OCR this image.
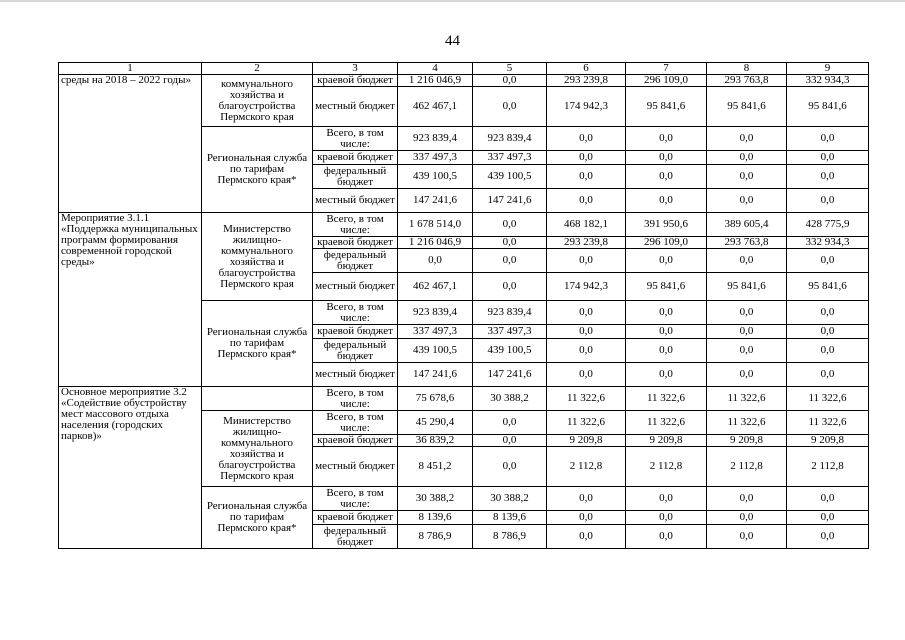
44
1	2	3	4	5	6	7	8	9
среды на 2018 – 2022 годы»	коммунального хозяйства и благоустройства Пермского края	краевой бюджет	1 216 046,9	0,0	293 239,8	296 109,0	293 763,8	332 934,3
		местный бюджет	462 467,1	0,0	174 942,3	95 841,6	95 841,6	95 841,6
	Региональная служба по тарифам Пермского края*	Всего, в том числе:	923 839,4	923 839,4	0,0	0,0	0,0	0,0
		краевой бюджет	337 497,3	337 497,3	0,0	0,0	0,0	0,0
		федеральный бюджет	439 100,5	439 100,5	0,0	0,0	0,0	0,0
		местный бюджет	147 241,6	147 241,6	0,0	0,0	0,0	0,0
Мероприятие 3.1.1 «Поддержка муниципальных программ формирования современной городской среды»	Министерство жилищно-коммунального хозяйства и благоустройства Пермского края	Всего, в том числе:	1 678 514,0	0,0	468 182,1	391 950,6	389 605,4	428 775,9
		краевой бюджет	1 216 046,9	0,0	293 239,8	296 109,0	293 763,8	332 934,3
		федеральный бюджет	0,0	0,0	0,0	0,0	0,0	0,0
		местный бюджет	462 467,1	0,0	174 942,3	95 841,6	95 841,6	95 841,6
	Региональная служба по тарифам Пермского края*	Всего, в том числе:	923 839,4	923 839,4	0,0	0,0	0,0	0,0
		краевой бюджет	337 497,3	337 497,3	0,0	0,0	0,0	0,0
		федеральный бюджет	439 100,5	439 100,5	0,0	0,0	0,0	0,0
		местный бюджет	147 241,6	147 241,6	0,0	0,0	0,0	0,0
Основное мероприятие 3.2 «Содействие обустройству мест массового отдыха населения (городских парков)»		Всего, в том числе:	75 678,6	30 388,2	11 322,6	11 322,6	11 322,6	11 322,6
	Министерство жилищно-коммунального хозяйства и благоустройства Пермского края	Всего, в том числе:	45 290,4	0,0	11 322,6	11 322,6	11 322,6	11 322,6
		краевой бюджет	36 839,2	0,0	9 209,8	9 209,8	9 209,8	9 209,8
		местный бюджет	8 451,2	0,0	2 112,8	2 112,8	2 112,8	2 112,8
	Региональная служба по тарифам Пермского края*	Всего, в том числе:	30 388,2	30 388,2	0,0	0,0	0,0	0,0
		краевой бюджет	8 139,6	8 139,6	0,0	0,0	0,0	0,0
		федеральный бюджет	8 786,9	8 786,9	0,0	0,0	0,0	0,0
